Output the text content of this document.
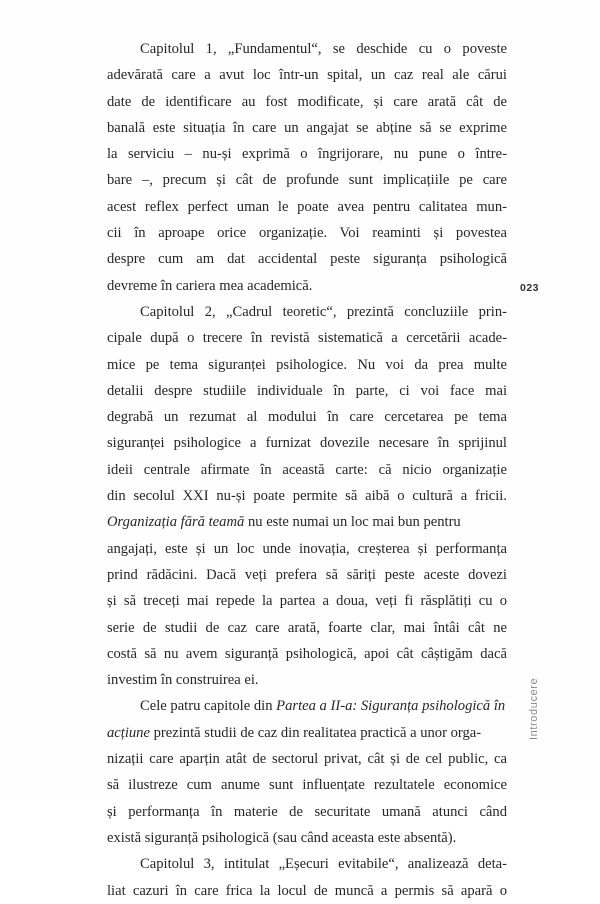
Capitolul 1, „Fundamentul“, se deschide cu o poveste
adevărată care a avut loc într-un spital, un caz real ale cărui
date de identificare au fost modificate, și care arată cât de
banală este situația în care un angajat se abține să se exprime
la serviciu – nu-și exprimă o îngrijorare, nu pune o între-
bare –, precum și cât de profunde sunt implicațiile pe care
acest reflex perfect uman le poate avea pentru calitatea mun-
cii în aproape orice organizație. Voi reaminti și povestea
despre cum am dat accidental peste siguranța psihologică
devreme în cariera mea academică.
Capitolul 2, „Cadrul teoretic“, prezintă concluziile prin-
cipale după o trecere în revistă sistematică a cercetării acade-
mice pe tema siguranței psihologice. Nu voi da prea multe
detalii despre studiile individuale în parte, ci voi face mai
degrabă un rezumat al modului în care cercetarea pe tema
siguranței psihologice a furnizat dovezile necesare în sprijinul
ideii centrale afirmate în această carte: că nicio organizație
din secolul XXI nu-și poate permite să aibă o cultură a fricii.
Organizația fără teamă nu este numai un loc mai bun pentru
angajați, este și un loc unde inovația, creșterea și performanța
prind rădăcini. Dacă veți prefera să săriți peste aceste dovezi
și să treceți mai repede la partea a doua, veți fi răsplătiți cu o
serie de studii de caz care arată, foarte clar, mai întâi cât ne
costă să nu avem siguranță psihologică, apoi cât câștigăm dacă
investim în construirea ei.
Cele patru capitole din Partea a II-a: Siguranța psihologică în
acțiune prezintă studii de caz din realitatea practică a unor orga-
nizații care aparțin atât de sectorul privat, cât și de cel public, ca
să ilustreze cum anume sunt influențate rezultatele economice
și performanța în materie de securitate umană atunci când
există siguranță psihologică (sau când aceasta este absentă).
Capitolul 3, intitulat „Eșecuri evitabile“, analizează deta-
liat cazuri în care frica la locul de muncă a permis să apară o
023
Introducere
